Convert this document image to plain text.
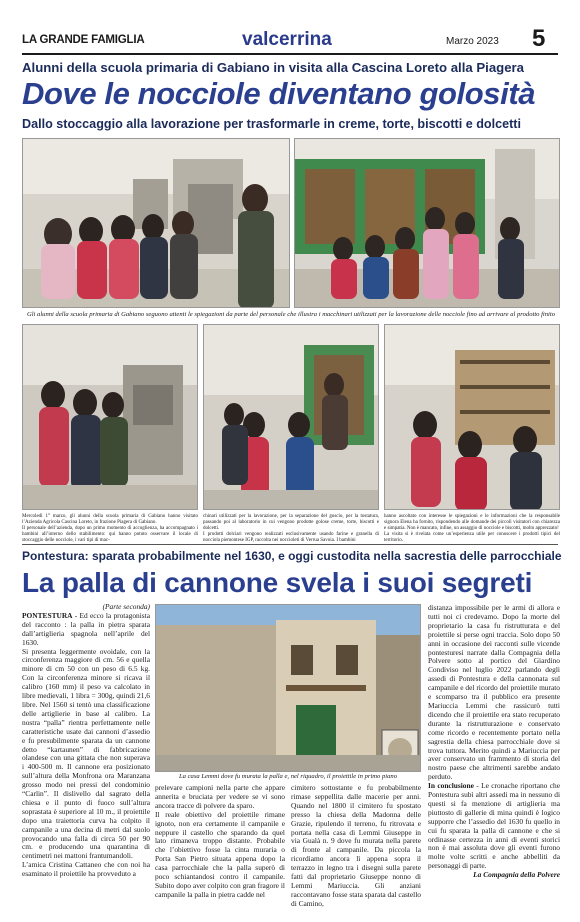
LA GRANDE FAMIGLIA	valcerrina	Marzo 2023 5
Alunni della scuola primaria di Gabiano in visita alla Cascina Loreto alla Piagera
Dove le nocciole diventano golosità
Dallo stoccaggio alla lavorazione per trasformarle in creme, torte, biscotti e dolcetti
Gli alunni della scuola primaria di Gabiano seguono attenti le spiegazioni da parte del personale che illustra i macchinari utilizzati per la lavorazione delle nocciole fino ad arrivare al prodotto finito

Mercoledì 1° marzo, gli alunni della scuola primaria di Gabiano hanno visitato l’Azienda Agricola Cascina Loreto, in frazione Piagera di Gabiano.

Il personale dell’azienda, dopo un primo momento di accoglienza, ha accompagnato i bambini all’interno dello stabilimento: qui hanno potuto osservare il locale di stoccaggio delle nocciole, i vari tipi di mac-

chinari utilizzati per la lavorazione, per la separazione del guscio, per la tostatura, passando poi al laboratorio in cui vengono prodotte golose creme, torte, biscotti e dolcetti.

I prodotti dolciari vengono realizzati esclusivamente usando farine e granella di nocciola piemontese IGP, raccolta nei noccioleti di Verrua Savoia. I bambini

hanno ascoltato con interesse le spiegazioni e le informazioni che la responsabile signora Elena ha fornito, rispondendo alle domande dei piccoli visitatori con chiarezza e simpatia. Non è mancato, infine, un assaggio di nocciole e biscotti, molto apprezzato!

La visita si è rivelata come un’esperienza utile per conoscere i prodotti tipici del territorio.

Pontestura: sparata probabilmente nel 1630, e oggi custodita nella sacrestia delle parrocchiale
La palla di cannone svela i suoi segreti

(Parte seconda)

PONTESTURA - Ed ecco la protagonista del racconto : la palla in pietra sparata dall’artiglieria spagnola nell’aprile del 1630.

Si presenta leggermente ovoidale, con la circonferenza maggiore di cm. 56 e quella minore di cm 50 con un peso di 6.5 kg. Con la circonferenza minore si ricava il calibro (160 mm) il peso va calcolato in libre medievali, 1 libra = 300g, quindi 21,6 libre. Nel 1560 si tentò una classificazione delle artiglierie in base al calibro. La nostra “palla” rientra perfettamente nelle caratteristiche usate dai cannoni d’assedio e fu presubilmente sparata da un cannone detto “kartaunen” di fabbricazione olandese con una gittata che non superava i 400-500 m. Il cannone era posizionato sull’altura della Monfrona ora Maranzana grosso modo nei pressi del condominio “Carlin”. Il dislivello dal sagrato della chiesa e il punto di fuoco sull’altura soprastata è superiore al 10 m., il proiettile dopo una traiettoria curva ha colpito il campanile a una decina di metri dal suolo provocando una falla di circa 50 per 90 cm. e producendo una quarantina di centimetri nei mattoni frantumandoli.

L’amica Cristina Cattaneo che con noi ha esaminato il proiettile ha provveduto a

La casa Lemmi dove fu murata la palla e, nel riquadro, il proiettile in primo piano

prelevare campioni nella parte che appare annerita e bruciata per vedere se vi sono ancora tracce di polvere da sparo.

Il reale obiettivo del proiettile rimane ignoto, non era certamente il campanile e neppure il castello che sparando da quel lato rimaneva troppo distante. Probabile che l’obiettivo fosse la cinta muraria o Porta San Pietro situata appena dopo la casa parrocchiale che la palla superò di poco schiantandosi contro il campanile. Subito dopo aver colpito con gran fragore il campanile la palla in pietra cadde nel

cimitero sottostante e fu probabilmente rimase seppellita dalle macerie per anni. Quando nel 1800 il cimitero fu spostato presso la chiesa della Madonna delle Grazie, ripulendo il terreno, fu ritrovata e portata nella casa di Lemmi Giuseppe in via Gualà n. 9 dove fu murata nella parete di fronte al campanile. Da piccola la ricordiamo ancora lì appena sopra il terrazzo in legno tra i disegni sulla parete fatti dal proprietario Giuseppe nonno di Lemmi Mariuccia. Gli anziani raccontavano fosse stata sparata dal castello di Camino,

distanza impossibile per le armi di allora e tutti noi ci credevamo. Dopo la morte del proprietario la casa fu ristrutturata e del proiettile si perse ogni traccia. Solo dopo 50 anni in occasione dei racconti sulle vicende pontesturesi narrate dalla Compagnia della Polvere sotto al portico del Giardino Condiviso nel luglio 2022 parlando degli assedi di Pontestura e della cannonata sul campanile e del ricordo del proiettile murato e scomparso tra il pubblico era presente Mariuccia Lemmi che rassicurò tutti dicendo che il proiettile era stato recuperato durante la ristrutturazione e conservato come ricordo e recentemente portato nella sagrestia della chiesa parrocchiale dove si trova tuttora. Merito quindi a Mariuccia per aver conservato un frammento di storia del nostro paese che altrimenti sarebbe andato perduto.

In conclusione - Le cronache riportano che Pontestura subì altri assedi ma in nessuno di questi si fa menzione di artiglieria ma piuttosto di gallerie di mina quindi è logico supporre che l’assedio del 1630 fu quello in cui fu sparata la palla di cannone e che si ordinasse certezza in anni di eventi storici non è mai assoluta dove gli eventi furono molte volte scritti e anche abbelliti da personaggi di parte.

La Compagnia della Polvere
